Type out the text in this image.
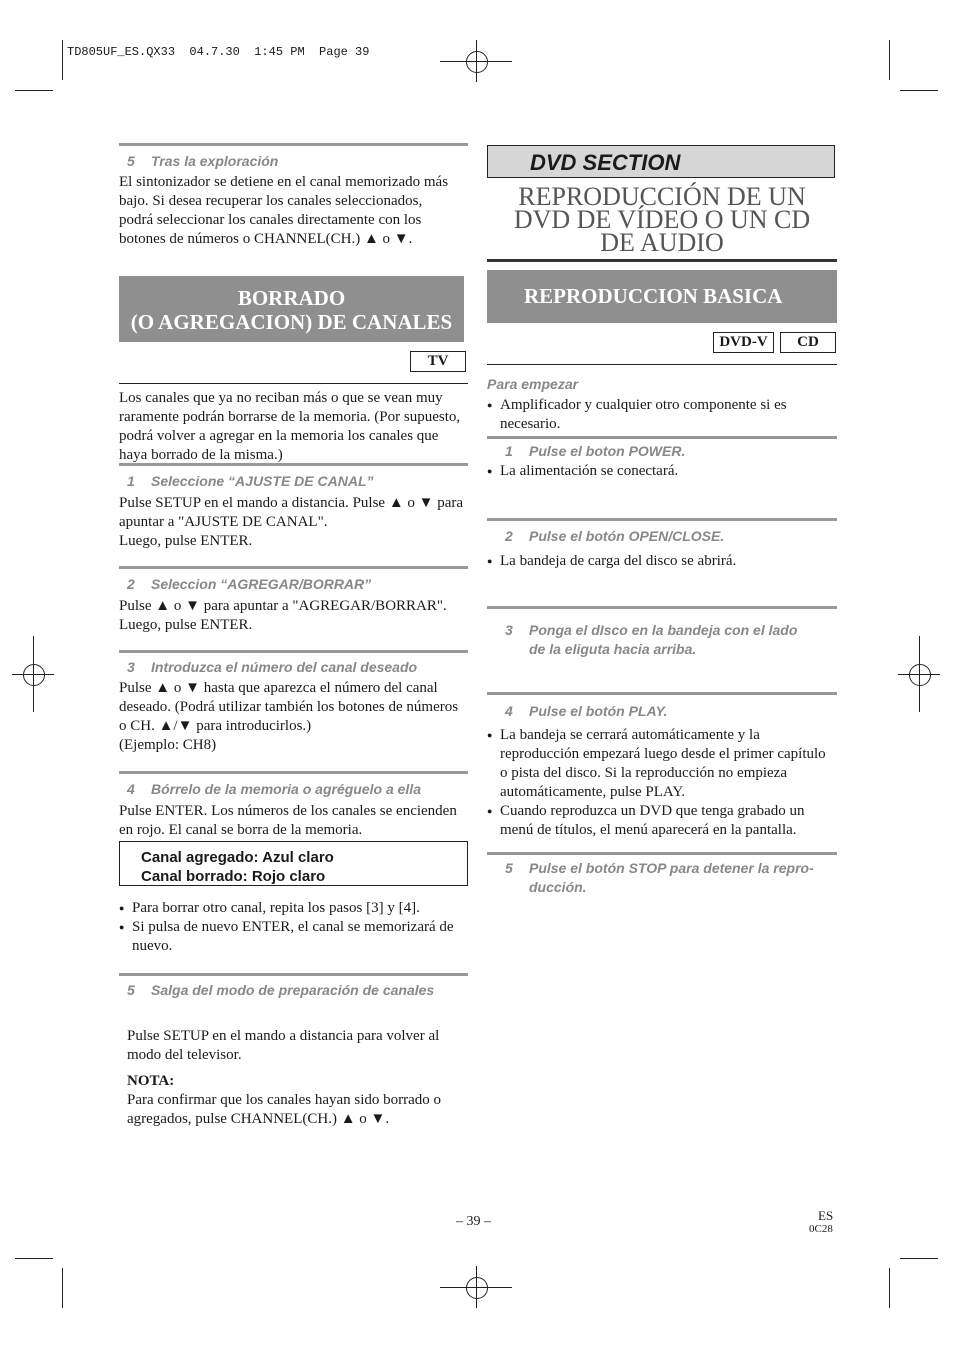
TD805UF_ES.QX33  04.7.30  1:45 PM  Page 39
5 Tras la exploración
El sintonizador se detiene en el canal memorizado más bajo. Si desea recuperar los canales seleccionados, podrá seleccionar los canales directamente con los botones de números o CHANNEL(CH.) ▲ o ▼.
BORRADO
(O AGREGACION) DE CANALES
TV
Los canales que ya no reciban más o que se vean muy raramente podrán borrarse de la memoria. (Por supuesto, podrá volver a agregar en la memoria los canales que haya borrado de la misma.)
1 Seleccione “AJUSTE DE CANAL”
Pulse SETUP en el mando a distancia. Pulse ▲ o ▼ para apuntar a "AJUSTE DE CANAL".
Luego, pulse ENTER.
2 Seleccion “AGREGAR/BORRAR”
Pulse ▲ o ▼ para apuntar a "AGREGAR/BORRAR". Luego, pulse ENTER.
3 Introduzca el número del canal deseado
Pulse ▲ o ▼ hasta que aparezca el número del canal deseado. (Podrá utilizar también los botones de números o CH. ▲/▼ para introducirlos.)
(Ejemplo: CH8)
4 Bórrelo de la memoria o agréguelo a ella
Pulse ENTER. Los números de los canales se encienden en rojo. El canal se borra de la memoria.
Canal agregado: Azul claro
Canal borrado: Rojo claro
● Para borrar otro canal, repita los pasos [3] y [4].
● Si pulsa de nuevo ENTER, el canal se memorizará de nuevo.
5 Salga del modo de preparación de canales
Pulse SETUP en el mando a distancia para volver al modo del televisor.
NOTA:
Para confirmar que los canales hayan sido borrado o agregados, pulse CHANNEL(CH.) ▲ o ▼.
DVD SECTION
REPRODUCCIÓN DE UN
DVD DE VÍDEO O UN CD
DE AUDIO
REPRODUCCION BASICA
DVD-V	CD
Para empezar
● Amplificador y cualquier otro componente si es necesario.
1 Pulse el boton POWER.
● La alimentación se conectará.
2 Pulse el botón OPEN/CLOSE.
● La bandeja de carga del disco se abrirá.
3 Ponga el dIsco en la bandeja con el lado
de la eliguta hacia arriba.
4 Pulse el botón PLAY.
● La bandeja se cerrará automáticamente y la reproducción empezará luego desde el primer capítulo o pista del disco. Si la reproducción no empieza automáticamente, pulse PLAY.
● Cuando reproduzca un DVD que tenga grabado un menú de títulos, el menú aparecerá en la pantalla.
5 Pulse el botón STOP para detener la repro-
ducción.
– 39 –	ES
0C28
